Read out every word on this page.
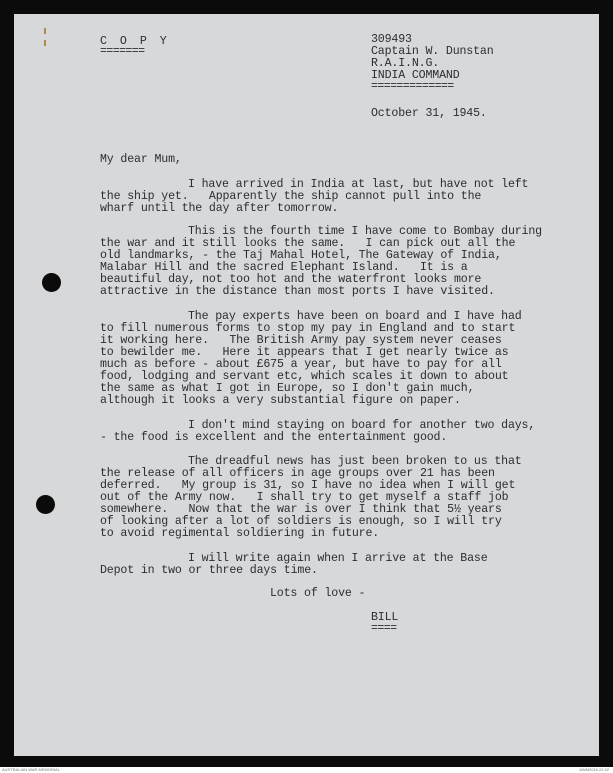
C O P Y
=======
309493
Captain W. Dunstan
R.A.I.N.G.
INDIA COMMAND
=============
October 31, 1945.
My dear Mum,
I have arrived in India at last, but have not left
the ship yet.   Apparently the ship cannot pull into the
wharf until the day after tomorrow.
This is the fourth time I have come to Bombay during
the war and it still looks the same.   I can pick out all the
old landmarks, - the Taj Mahal Hotel, The Gateway of India,
Malabar Hill and the sacred Elephant Island.   It is a
beautiful day, not too hot and the waterfront looks more
attractive in the distance than most ports I have visited.
The pay experts have been on board and I have had
to fill numerous forms to stop my pay in England and to start
it working here.   The British Army pay system never ceases
to bewilder me.   Here it appears that I get nearly twice as
much as before - about £675 a year, but have to pay for all
food, lodging and servant etc, which scales it down to about
the same as what I got in Europe, so I don't gain much,
although it looks a very substantial figure on paper.
I don't mind staying on board for another two days,
- the food is excellent and the entertainment good.
The dreadful news has just been broken to us that
the release of all officers in age groups over 21 has been
deferred.   My group is 31, so I have no idea when I will get
out of the Army now.   I shall try to get myself a staff job
somewhere.   Now that the war is over I think that 5½ years
of looking after a lot of soldiers is enough, so I will try
to avoid regimental soldiering in future.
I will write again when I arrive at the Base
Depot in two or three days time.
Lots of love -
BILL
====
AUSTRALIAN WAR MEMORIAL	AWM2016.22.92
